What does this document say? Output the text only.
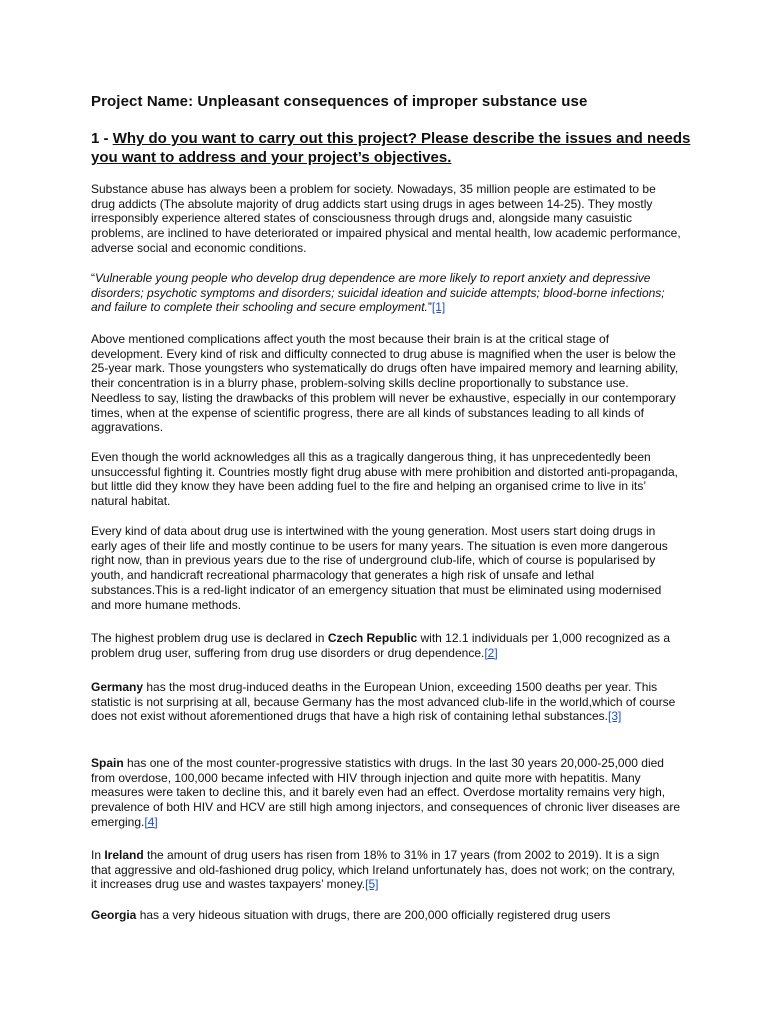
Project Name: Unpleasant consequences of improper substance use
1 - Why do you want to carry out this project? Please describe the issues and needs you want to address and your project’s objectives.
Substance abuse has always been a problem for society. Nowadays, 35 million people are estimated to be drug addicts (The absolute majority of drug addicts start using drugs in ages between 14-25). They mostly irresponsibly experience altered states of consciousness through drugs and, alongside many casuistic problems, are inclined to have deteriorated or impaired physical and mental health, low academic performance, adverse social and economic conditions.
“Vulnerable young people who develop drug dependence are more likely to report anxiety and depressive disorders; psychotic symptoms and disorders; suicidal ideation and suicide attempts; blood-borne infections; and failure to complete their schooling and secure employment.”[1]
Above mentioned complications affect youth the most because their brain is at the critical stage of development. Every kind of risk and difficulty connected to drug abuse is magnified when the user is below the 25-year mark. Those youngsters who systematically do drugs often have impaired memory and learning ability, their concentration is in a blurry phase, problem-solving skills decline proportionally to substance use. Needless to say, listing the drawbacks of this problem will never be exhaustive, especially in our contemporary times, when at the expense of scientific progress, there are all kinds of substances leading to all kinds of aggravations.
Even though the world acknowledges all this as a tragically dangerous thing, it has unprecedentedly been unsuccessful fighting it. Countries mostly fight drug abuse with mere prohibition and distorted anti-propaganda, but little did they know they have been adding fuel to the fire and helping an organised crime to live in its’ natural habitat.
Every kind of data about drug use is intertwined with the young generation. Most users start doing drugs in early ages of their life and mostly continue to be users for many years. The situation is even more dangerous right now, than in previous years due to the rise of underground club-life, which of course is popularised by youth, and handicraft recreational pharmacology that generates a high risk of unsafe and lethal substances.This is a red-light indicator of an emergency situation that must be eliminated using modernised and more humane methods.
The highest problem drug use is declared in Czech Republic with 12.1 individuals per 1,000 recognized as a problem drug user, suffering from drug use disorders or drug dependence.[2]
Germany has the most drug-induced deaths in the European Union, exceeding 1500 deaths per year. This statistic is not surprising at all, because Germany has the most advanced club-life in the world,which of course does not exist without aforementioned drugs that have a high risk of containing lethal substances.[3]
Spain has one of the most counter-progressive statistics with drugs. In the last 30 years 20,000-25,000 died from overdose, 100,000 became infected with HIV through injection and quite more with hepatitis. Many measures were taken to decline this, and it barely even had an effect. Overdose mortality remains very high, prevalence of both HIV and HCV are still high among injectors, and consequences of chronic liver diseases are emerging.[4]
In Ireland the amount of drug users has risen from 18% to 31% in 17 years (from 2002 to 2019). It is a sign that aggressive and old-fashioned drug policy, which Ireland unfortunately has, does not work; on the contrary, it increases drug use and wastes taxpayers’ money.[5]
Georgia has a very hideous situation with drugs, there are 200,000 officially registered drug users
